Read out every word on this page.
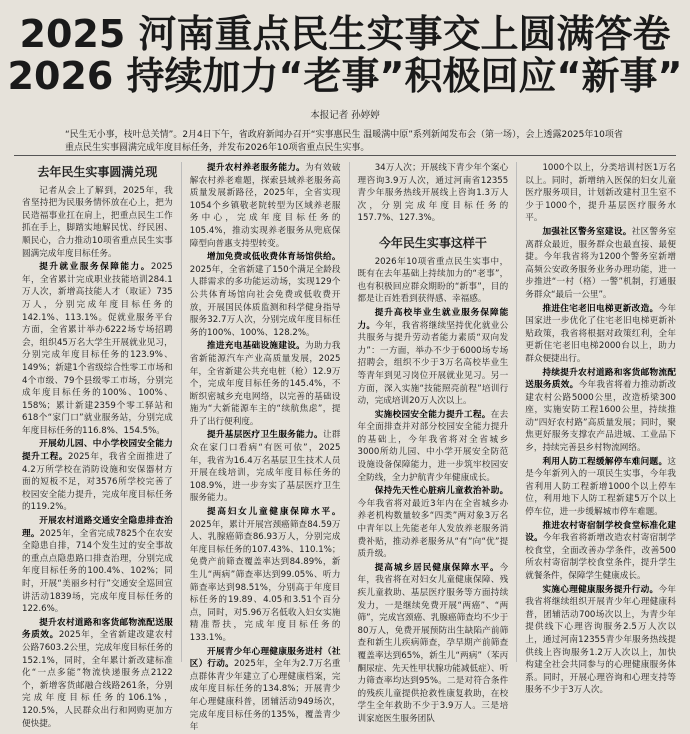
2025 河南重点民生实事交上圆满答卷
2026 持续加力“老事”积极回应“新事”
本报记者 孙婷婷
“民生无小事，枝叶总关情”。2月4日下午，省政府新闻办召开“实事惠民生 温暖满中原”系列新闻发布会（第一场），会上透露2025年10项省重点民生实事圆满完成年度目标任务，并发布2026年10项省重点民生实事。
去年民生实事圆满兑现

记者从会上了解到，2025年，我省坚持把为民服务情怀放在心上，把为民造福事业扛在肩上，把重点民生工作抓在手上，脚踏实地解民忧、纾民困、顺民心，合力推动10项省重点民生实事圆满完成年度目标任务。

提升就业服务保障能力。2025年，全省累计完成职业技能培训284.1万人次，新增高技能人才（取证）735万人，分别完成年度目标任务的142.1%、113.1%。促就业服务平台方面，全省累计举办6222场专场招聘会，组织45万名大学生开展就业见习，分别完成年度目标任务的123.9%、149%；新建1个省级综合性零工市场和4个市级、79个县级零工市场，分别完成年度目标任务的100%、100%、158%；累计新建2359个零工驿站和618个“家门口”就业服务站，分别完成年度目标任务的116.8%、154.5%。

开展幼儿园、中小学校园安全能力提升工程。2025年，我省全面推进了4.2万所学校在消防设施和安保器材方面的短板不足，对3576所学校完善了校园安全能力提升，完成年度目标任务的119.2%。

开展农村道路交通安全隐患排查治理。2025年，全省完成7825个在农安全隐患自排，714个发生过的安全事故的重点点隐患路口排查治理，分别完成年度目标任务的100.4%、102%；同时，开展“美丽乡村行”交通安全巡回宣讲活动1839场，完成年度目标任务的122.6%。

提升农村道路和客货邮物流配送服务质效。2025年，全省新建改建农村公路7603.2公里，完成年度目标任务的152.1%，同时，全年累计新改建标准化“一点多能”物流快递服务点2122个，新增客货邮融合线路261条，分别完成年度目标任务的106.1%，120.5%，人民群众出行和网购更加方便快捷。

提升农村养老服务能力。为有效破解农村养老难题，探索县域养老服务高质量发展新路径，2025年，全省实现1054个乡镇敬老院转型为区域养老服务中心，完成年度目标任务的105.4%，推动实现养老服务从兜底保障型向普惠支持型转变。

增加免费或低收费体育场馆供给。2025年，全省新建了150个满足全龄段人群需求的多功能运动场，实现129个公共体育场馆向社会免费或低收费开放，开展国民体质监测和科学健身指导服务32.7万人次，分别完成年度目标任务的100%、100%、128.2%。

推进充电基础设施建设。为助力我省新能源汽车产业高质量发展，2025年，全省新建公共充电桩（枪）12.9万个，完成年度目标任务的145.4%，不断织密城乡充电网络，以完善的基础设施为“大新能源车主的“续航焦虑”，提升了出行便利度。

提升基层医疗卫生服务能力。让群众在家门口看病“有医可依”，2025年，我省为16.4万名基层卫生技术人员开展在线培训，完成年度目标任务的108.9%，进一步夯实了基层医疗卫生服务能力。

提高妇女儿童健康保障水平。2025年，累计开展宫颈癌筛查84.59万人、乳腺癌筛查86.93万人，分别完成年度目标任务的107.43%、110.1%；免费产前筛查覆盖率达到84.89%，新生儿“两病”筛查率达到99.05%、听力筛查率达到98.51%，分别高于年度目标任务的19.89、4.05和3.51个百分点，同时，对5.96万名低收入妇女实施精准帮扶，完成年度目标任务的133.1%。

开展青少年心理健康服务进村（社区）行动。2025年，全年为2.7万名重点群体青少年建立了心理健康档案，完成年度目标任务的134.8%；开展青少年心理健康科普，团辅活动949场次，完成年度目标任务的135%，覆盖青少年

34万人次；开展线下青少年个案心理咨询3.9万人次，通过河南省12355青少年服务热线开展线上咨询1.3万人次，分别完成年度目标任务的157.7%、127.3%。

今年民生实事这样干

2026年10项省重点民生实事中，既有在去年基础上持续加力的“老事”，也有积极回应群众期盼的“新事”，目的都是让百姓看到获得感、幸福感。

提升高校毕业生就业服务保障能力。今年，我省将继续坚持优化就业公共服务与提升劳动者能力素质“双向发力”：一方面，举办不少于6000场专场招聘会，组织不少于3万名高校毕业生等青年到见习岗位开展就业见习。另一方面，深入实施“技能照亮前程”培训行动，完成培训20万人次以上。

实施校园安全能力提升工程。在去年全面排查并对部分校园安全能力提升的基础上，今年我省将对全省城乡3000所幼儿园、中小学开展安全防范设施设备保障能力，进一步筑牢校园安全防线，全力护航青少年健康成长。

保持先天性心脏病儿童救治补助。今年我省将对最近3年内在全省城乡办养老机构数量较多“四类”两对象3万名中青年以上先能老年人发放养老服务消费补贴，推动养老服务从“有”向“优”提质升级。

提高城乡居民健康保障水平。今年，我省将在对妇女儿童健康保障、残疾儿童救助、基层医疗服务等方面持续发力，一是继续免费开展“两癌”、“两筛”，完成宫颈癌、乳腺癌筛查均不少于80万人，免费开展预防出生缺陷产前筛查和新生儿疾病筛查，孕早期产前筛查覆盖率达到65%，新生儿“两病”（苯丙酮尿症、先天性甲状腺功能减低症）、听力筛查率均达到95%。二是对符合条件的残疾儿童提供抢救性康复救助，在校学生全年救助不少于3.9万人。三是培训家庭医生服务团队

1000个以上，分类培训村医1万名以上。同时，新增纳入医保的妇女儿童医疗服务项目，计划新改建村卫生室不少于1000个，提升基层医疗服务水平。

加强社区警务室建设。社区警务室离群众最近，服务群众也最直接、最便捷。今年我省将为1200个警务室新增高频公安政务服务业务办理功能，进一步推进“一村（格）一警”机制，打通服务群众“最后一公里”。

推进住宅老旧电梯更新改造。今年国家进一步优化了住宅老旧电梯更新补贴政策，我省将根据对政策红利，全年更新住宅老旧电梯2000台以上，助力群众便捷出行。

持续提升农村道路和客货邮物流配送服务质效。今年我省将着力推动新改建农村公路5000公里，改造桥梁300座，实施安防工程1600公里，持续推动“四好农村路”高质量发展；同时，聚焦更好服务支撑农产品进城、工业品下乡，持续完善县乡村物流网络。

利用人防工程缓解停车难问题。这是今年新列入的一项民生实事，今年我省利用人防工程新增1000个以上停车位，利用地下人防工程新建5万个以上停车位，进一步缓解城市停车难题。

推进农村寄宿制学校食堂标准化建设。今年我省将新增改造农村寄宿制学校食堂，全面改善办学条件，改善500所农村寄宿制学校食堂条件，提升学生就餐条件，保障学生健康成长。

实施心理健康服务提升行动。今年我省将继续组织开展青少年心理健康科普，团辅活动700场次以上，为青少年提供线下心理咨询服务2.5万人次以上，通过河南12355青少年服务热线提供线上咨询服务1.2万人次以上，加快构建全社会共同参与的心理健康服务体系。同时，开展心理咨询和心理支持等服务不少于3万人次。
